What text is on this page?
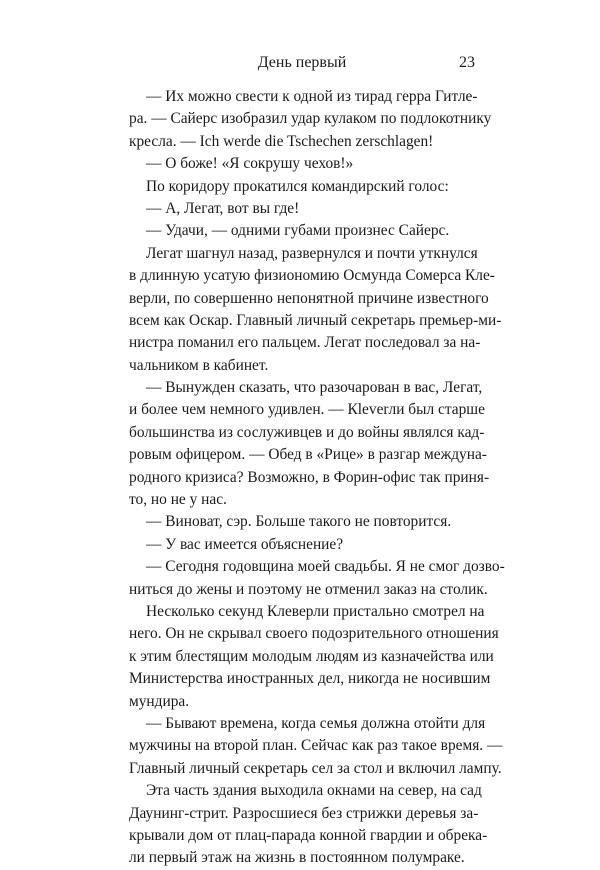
День первый	23
— Их можно свести к одной из тирад герра Гитле-
ра. — Сайерс изобразил удар кулаком по подлокотнику
кресла. — Ich werde die Tschechen zerschlagen!
— О боже! «Я сокрушу чехов!»
По коридору прокатился командирский голос:
— А, Легат, вот вы где!
— Удачи, — одними губами произнес Сайерс.
Легат шагнул назад, развернулся и почти уткнулся
в длинную усатую физиономию Осмунда Сомерса Кле-
верли, по совершенно непонятной причине известного
всем как Оскар. Главный личный секретарь премьер-ми-
нистра поманил его пальцем. Легат последовал за на-
чальником в кабинет.
— Вынужден сказать, что разочарован в вас, Легат,
и более чем немного удивлен. — Кleverли был старше
большинства из сослуживцев и до войны являлся кад-
ровым офицером. — Обед в «Рице» в разгар междуна-
родного кризиса? Возможно, в Форин-офис так приня-
то, но не у нас.
— Виноват, сэр. Больше такого не повторится.
— У вас имеется объяснение?
— Сегодня годовщина моей свадьбы. Я не смог дозво-
ниться до жены и поэтому не отменил заказ на столик.
Несколько секунд Клеверли пристально смотрел на
него. Он не скрывал своего подозрительного отношения
к этим блестящим молодым людям из казначейства или
Министерства иностранных дел, никогда не носившим
мундира.
— Бывают времена, когда семья должна отойти для
мужчины на второй план. Сейчас как раз такое время. —
Главный личный секретарь сел за стол и включил лампу.
Эта часть здания выходила окнами на север, на сад
Даунинг-стрит. Разросшиеся без стрижки деревья за-
крывали дом от плац-парада конной гвардии и обрека-
ли первый этаж на жизнь в постоянном полумраке.
